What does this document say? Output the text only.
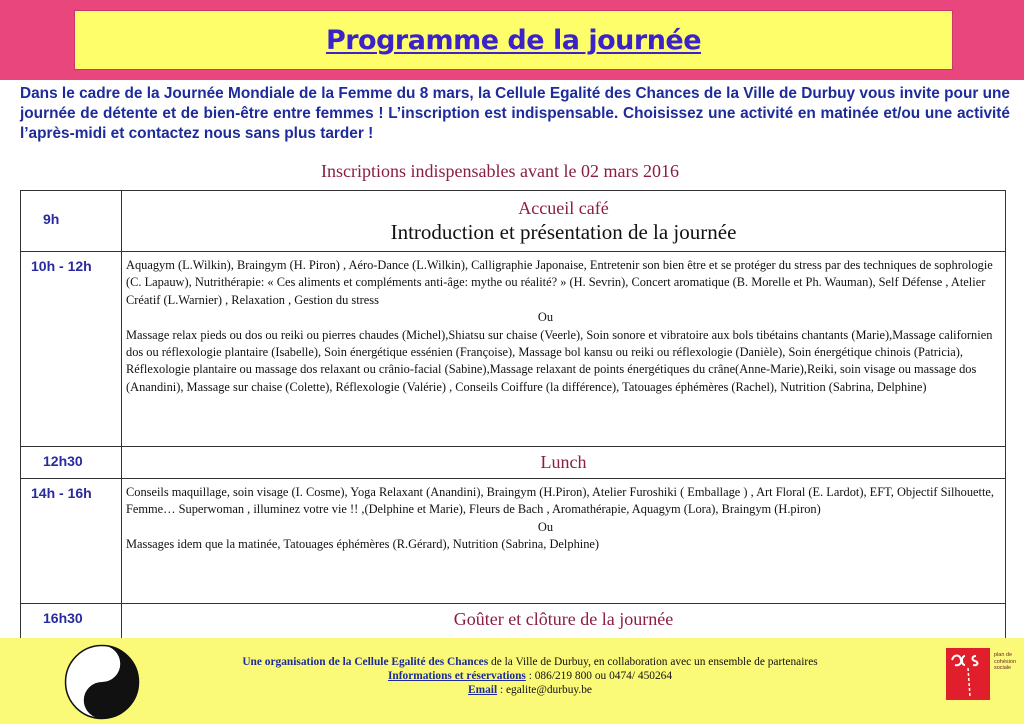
Programme de la journée

Dans le cadre de la Journée Mondiale de la Femme du 8 mars, la Cellule Egalité des Chances de la Ville de Durbuy vous invite pour une journée de détente et de bien-être entre femmes ! L’inscription est indispensable. Choisissez une activité en matinée et/ou une activité l’après-midi et contactez nous sans plus tarder !

Inscriptions indispensables avant le 02 mars 2016
9h	Accueil café
Introduction et présentation de la journée

10h - 12h	Aquagym (L.Wilkin), Braingym (H. Piron) , Aéro-Dance (L.Wilkin), Calligraphie Japonaise, Entretenir son bien être et se protéger du stress par des techniques de sophrologie (C. Lapauw), Nutrithérapie: « Ces aliments et compléments anti-âge: mythe ou réalité? » (H. Sevrin), Concert aromatique (B. Morelle et Ph. Wauman), Self Défense , Atelier Créatif (L.Warnier) , Relaxation , Gestion du stress

Ou

Massage relax pieds ou dos ou reiki ou pierres chaudes (Michel),Shiatsu sur chaise (Veerle), Soin sonore et vibratoire aux bols tibétains chantants (Marie),Massage californien dos ou réflexologie plantaire (Isabelle), Soin énergétique essénien (Françoise), Massage bol kansu ou reiki ou réflexologie (Danièle), Soin énergétique chinois (Patricia), Réflexologie plantaire ou massage dos relaxant ou crânio-facial (Sabine),Massage relaxant de points énergétiques du crâne(Anne-Marie),Reiki, soin visage ou massage dos (Anandini), Massage sur chaise (Colette), Réflexologie (Valérie) , Conseils Coiffure (la différence), Tatouages éphémères (Rachel), Nutrition (Sabrina, Delphine)

12h30	Lunch

14h - 16h	Conseils maquillage, soin visage (I. Cosme), Yoga Relaxant (Anandini), Braingym (H.Piron), Atelier Furoshiki ( Emballage ) , Art Floral (E. Lardot), EFT, Objectif Silhouette, Femme… Superwoman , illuminez votre vie !! ,(Delphine et Marie), Fleurs de Bach , Aromathérapie, Aquagym (Lora), Braingym (H.piron)

Ou

Massages idem que la matinée, Tatouages éphémères (R.Gérard), Nutrition (Sabrina, Delphine)

16h30	Goûter et clôture de la journée
Une organisation de la Cellule Egalité des Chances de la Ville de Durbuy, en collaboration avec un ensemble de partenaires
Informations et réservations : 086/219 800 ou 0474/ 450264
Email : egalite@durbuy.be
plan de cohésion sociale
